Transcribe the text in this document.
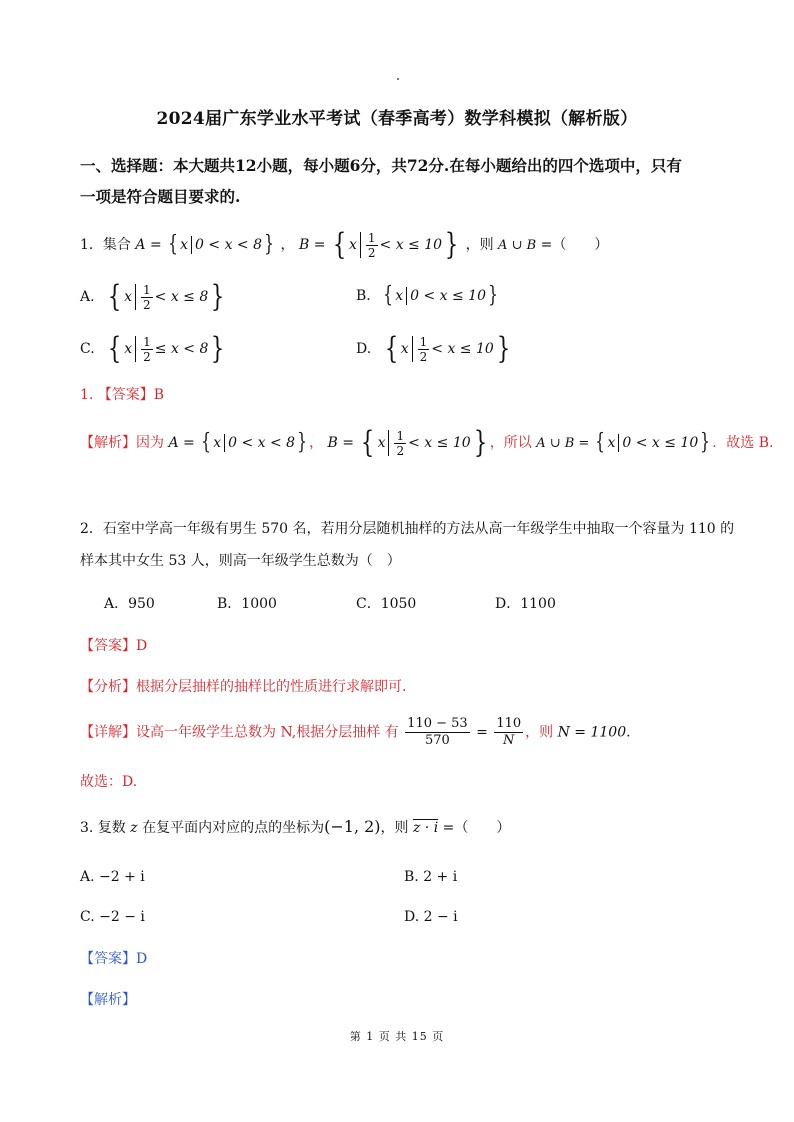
2024届广东学业水平考试（春季高考）数学科模拟（解析版）
一、选择题：本大题共12小题，每小题6分，共72分.在每小题给出的四个选项中，只有
一项是符合题目要求的.
1．集合 A = { x 0 < x < 8 } ， B = { x $\frac{1}{2} < x \le 10$ } ，则 A ∪ B =（　　）
A. { x $\frac{1}{2} < x \le 8$ }	B. { x 0 < x ≤ 10 }
C. { x $\frac{1}{2} \le x < 8$ }	D. { x $\frac{1}{2} < x \le 10$ }
1. 【答案】B
【解析】因为 A = { x 0 < x < 8 } ， B = { x $\frac{1}{2} < x \le 10$ } ，所以 A ∪ B = { x 0 < x ≤ 10 } ．故选 B.
2．石室中学高一年级有男生 570 名，若用分层随机抽样的方法从高一年级学生中抽取一个容量为 110 的
样本其中女生 53 人，则高一年级学生总数为（　）
A．950	B．1000	C．1050	D．1100
【答案】D
【分析】根据分层抽样的抽样比的性质进行求解即可.
【详解】设高一年级学生总数为 N,根据分层抽样 有 $\frac{110 - 53}{570} = \frac{110}{N}$ ，则 N = 1100.
故选：D.
3. 复数 z 在复平面内对应的点的坐标为(−1, 2)，则 z · i =（　　）
A. −2 + i	B. 2 + i
C. −2 − i	D. 2 − i
【答案】D
【解析】
第 1 页 共 15 页
